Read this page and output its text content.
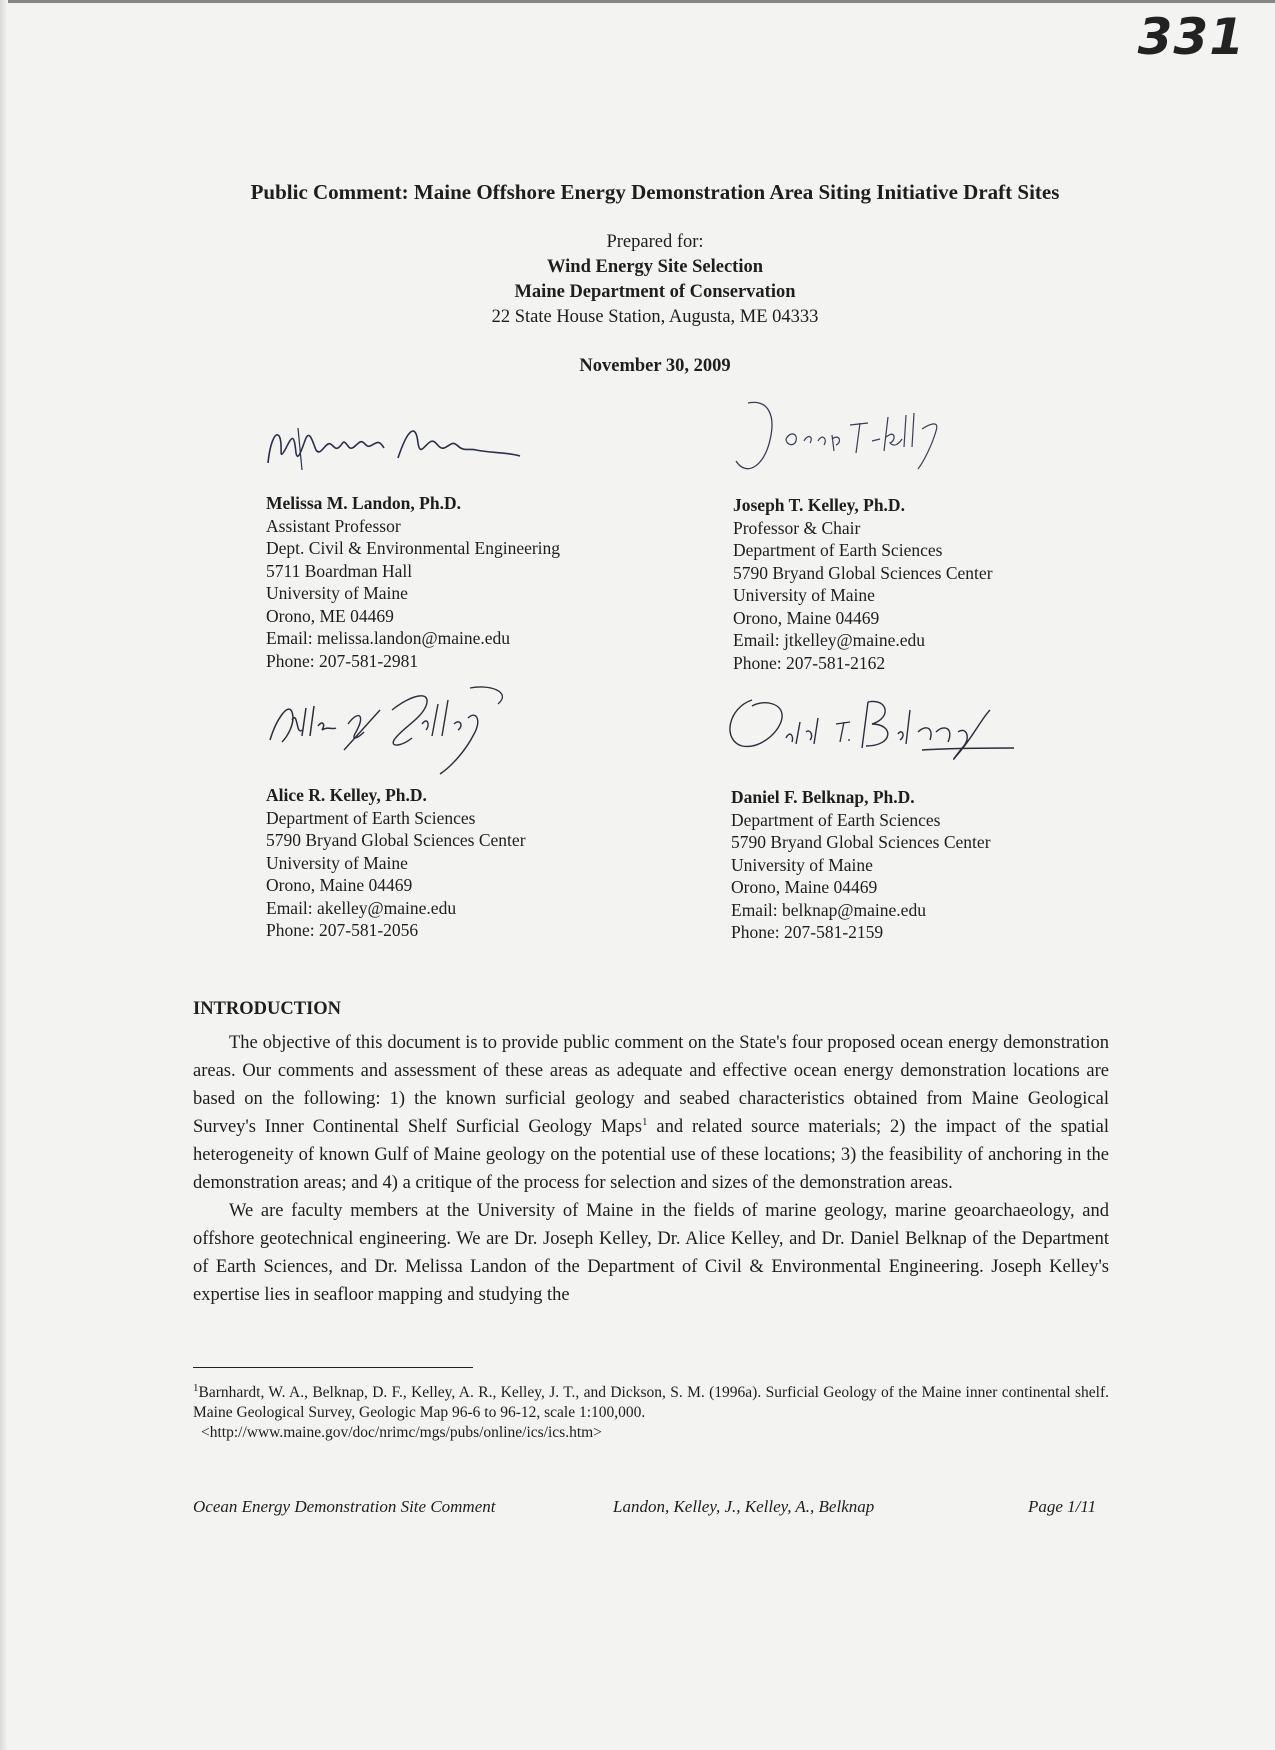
331
Public Comment: Maine Offshore Energy Demonstration Area Siting Initiative Draft Sites
Prepared for:
Wind Energy Site Selection
Maine Department of Conservation
22 State House Station, Augusta, ME 04333
November 30, 2009
Melissa M. Landon, Ph.D.
Assistant Professor
Dept. Civil & Environmental Engineering
5711 Boardman Hall
University of Maine
Orono, ME 04469
Email: melissa.landon@maine.edu
Phone: 207-581-2981
Joseph T. Kelley, Ph.D.
Professor & Chair
Department of Earth Sciences
5790 Bryand Global Sciences Center
University of Maine
Orono, Maine 04469
Email: jtkelley@maine.edu
Phone: 207-581-2162
Alice R. Kelley, Ph.D.
Department of Earth Sciences
5790 Bryand Global Sciences Center
University of Maine
Orono, Maine 04469
Email: akelley@maine.edu
Phone: 207-581-2056
Daniel F. Belknap, Ph.D.
Department of Earth Sciences
5790 Bryand Global Sciences Center
University of Maine
Orono, Maine 04469
Email: belknap@maine.edu
Phone: 207-581-2159
INTRODUCTION

The objective of this document is to provide public comment on the State's four proposed ocean energy demonstration areas. Our comments and assessment of these areas as adequate and effective ocean energy demonstration locations are based on the following: 1) the known surficial geology and seabed characteristics obtained from Maine Geological Survey's Inner Continental Shelf Surficial Geology Maps$^1$ and related source materials; 2) the impact of the spatial heterogeneity of known Gulf of Maine geology on the potential use of these locations; 3) the feasibility of anchoring in the demonstration areas; and 4) a critique of the process for selection and sizes of the demonstration areas.

We are faculty members at the University of Maine in the fields of marine geology, marine geoarchaeology, and offshore geotechnical engineering. We are Dr. Joseph Kelley, Dr. Alice Kelley, and Dr. Daniel Belknap of the Department of Earth Sciences, and Dr. Melissa Landon of the Department of Civil & Environmental Engineering. Joseph Kelley's expertise lies in seafloor mapping and studying the

$^1$Barnhardt, W. A., Belknap, D. F., Kelley, A. R., Kelley, J. T., and Dickson, S. M. (1996a). Surficial Geology of the Maine inner continental shelf. Maine Geological Survey, Geologic Map 96-6 to 96-12, scale 1:100,000.
<http://www.maine.gov/doc/nrimc/mgs/pubs/online/ics/ics.htm>
Ocean Energy Demonstration Site Comment	Landon, Kelley, J., Kelley, A., Belknap	Page 1/11
